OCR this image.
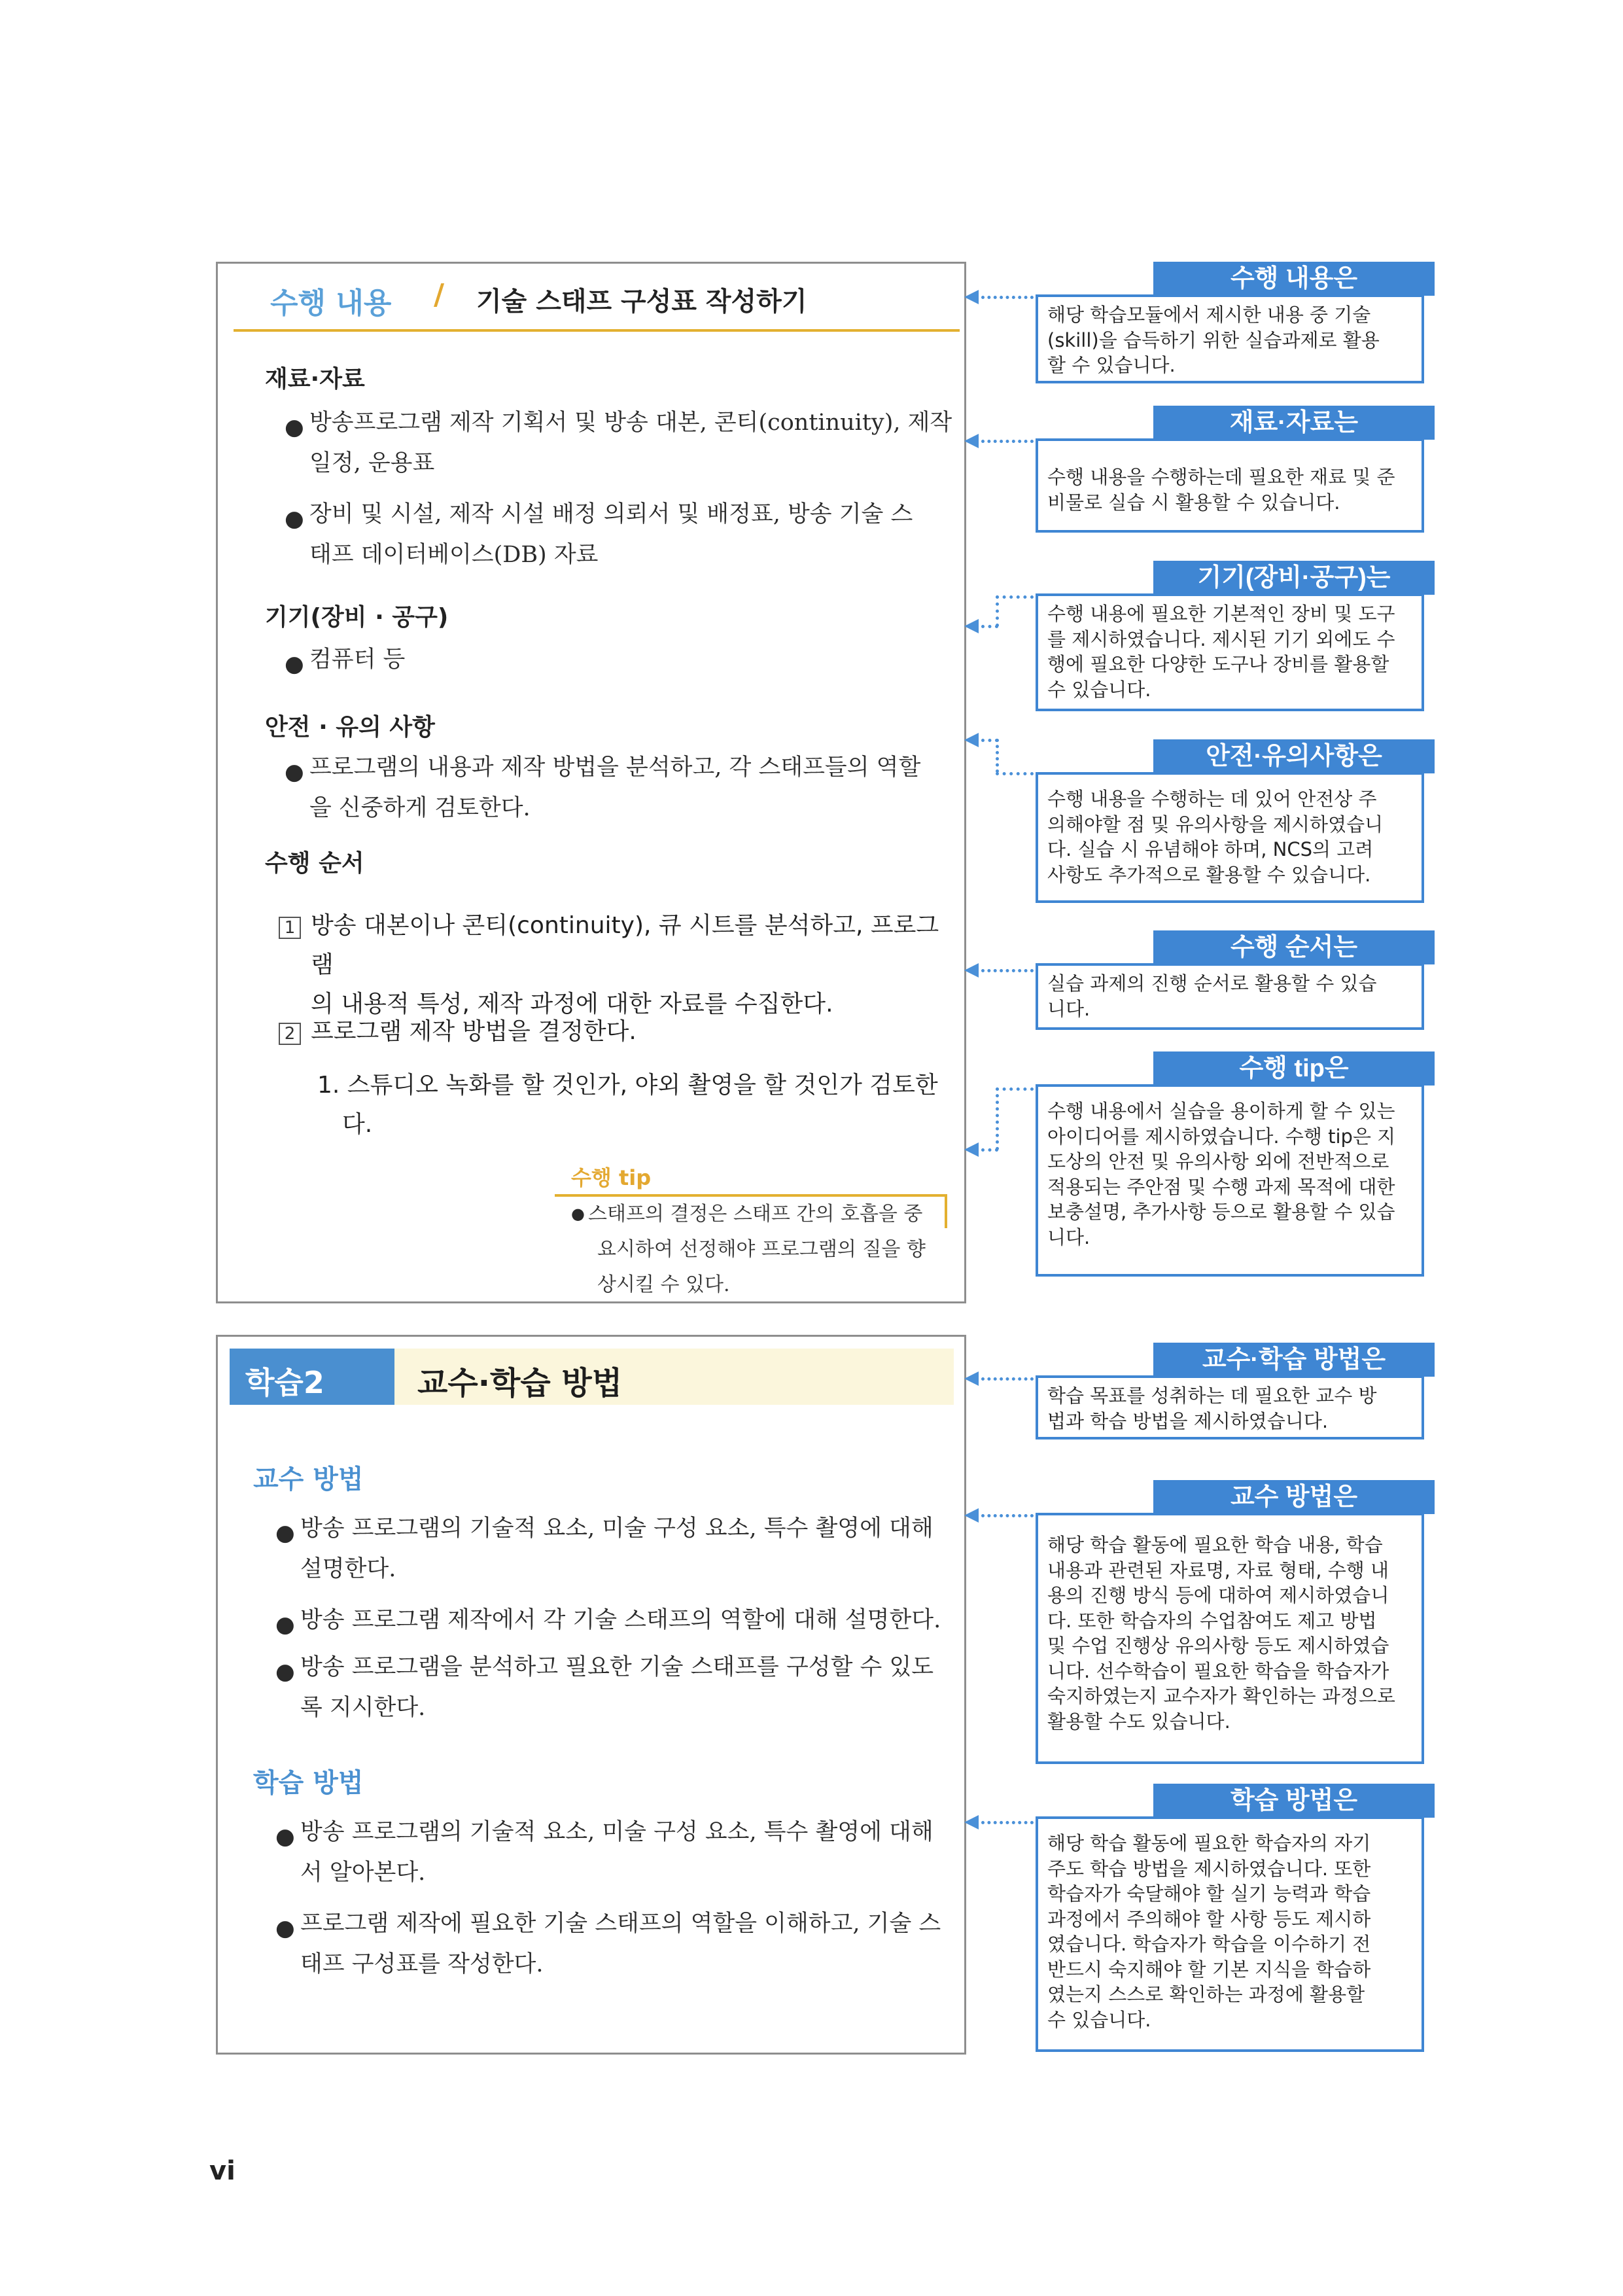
수행 내용 / 기술 스태프 구성표 작성하기
재료·자료
● 방송프로그램 제작 기획서 및 방송 대본, 콘티(continuity), 제작
일정, 운용표
● 장비 및 시설, 제작 시설 배정 의뢰서 및 배정표, 방송 기술 스
태프 데이터베이스(DB) 자료
기기(장비 · 공구)
● 컴퓨터 등
안전 · 유의 사항
● 프로그램의 내용과 제작 방법을 분석하고, 각 스태프들의 역할
을 신중하게 검토한다.
수행 순서
1 방송 대본이나 콘티(continuity), 큐 시트를 분석하고, 프로그램
의 내용적 특성, 제작 과정에 대한 자료를 수집한다.
2 프로그램 제작 방법을 결정한다.
1. 스튜디오 녹화를 할 것인가, 야외 촬영을 할 것인가 검토한
다.
수행 tip
● 스태프의 결정은 스태프 간의 호흡을 중
요시하여 선정해야 프로그램의 질을 향
상시킬 수 있다.
학습2	교수·학습 방법
교수 방법
● 방송 프로그램의 기술적 요소, 미술 구성 요소, 특수 촬영에 대해
설명한다.
● 방송 프로그램 제작에서 각 기술 스태프의 역할에 대해 설명한다.
● 방송 프로그램을 분석하고 필요한 기술 스태프를 구성할 수 있도
록 지시한다.
학습 방법
● 방송 프로그램의 기술적 요소, 미술 구성 요소, 특수 촬영에 대해
서 알아본다.
● 프로그램 제작에 필요한 기술 스태프의 역할을 이해하고, 기술 스
태프 구성표를 작성한다.
수행 내용은
해당 학습모듈에서 제시한 내용 중 기술
(skill)을 습득하기 위한 실습과제로 활용
할 수 있습니다.
재료·자료는
수행 내용을 수행하는데 필요한 재료 및 준
비물로 실습 시 활용할 수 있습니다.
기기(장비·공구)는
수행 내용에 필요한 기본적인 장비 및 도구
를 제시하였습니다. 제시된 기기 외에도 수
행에 필요한 다양한 도구나 장비를 활용할
수 있습니다.
안전·유의사항은
수행 내용을 수행하는 데 있어 안전상 주
의해야할 점 및 유의사항을 제시하였습니
다. 실습 시 유념해야 하며, NCS의 고려
사항도 추가적으로 활용할 수 있습니다.
수행 순서는
실습 과제의 진행 순서로 활용할 수 있습
니다.
수행 tip은
수행 내용에서 실습을 용이하게 할 수 있는
아이디어를 제시하였습니다. 수행 tip은 지
도상의 안전 및 유의사항 외에 전반적으로
적용되는 주안점 및 수행 과제 목적에 대한
보충설명, 추가사항 등으로 활용할 수 있습
니다.
교수·학습 방법은
학습 목표를 성취하는 데 필요한 교수 방
법과 학습 방법을 제시하였습니다.
교수 방법은
해당 학습 활동에 필요한 학습 내용, 학습
내용과 관련된 자료명, 자료 형태, 수행 내
용의 진행 방식 등에 대하여 제시하였습니
다. 또한 학습자의 수업참여도 제고 방법
및 수업 진행상 유의사항 등도 제시하였습
니다. 선수학습이 필요한 학습을 학습자가
숙지하였는지 교수자가 확인하는 과정으로
활용할 수도 있습니다.
학습 방법은
해당 학습 활동에 필요한 학습자의 자기
주도 학습 방법을 제시하였습니다. 또한
학습자가 숙달해야 할 실기 능력과 학습
과정에서 주의해야 할 사항 등도 제시하
였습니다. 학습자가 학습을 이수하기 전
반드시 숙지해야 할 기본 지식을 학습하
였는지 스스로 확인하는 과정에 활용할
수 있습니다.
vi
